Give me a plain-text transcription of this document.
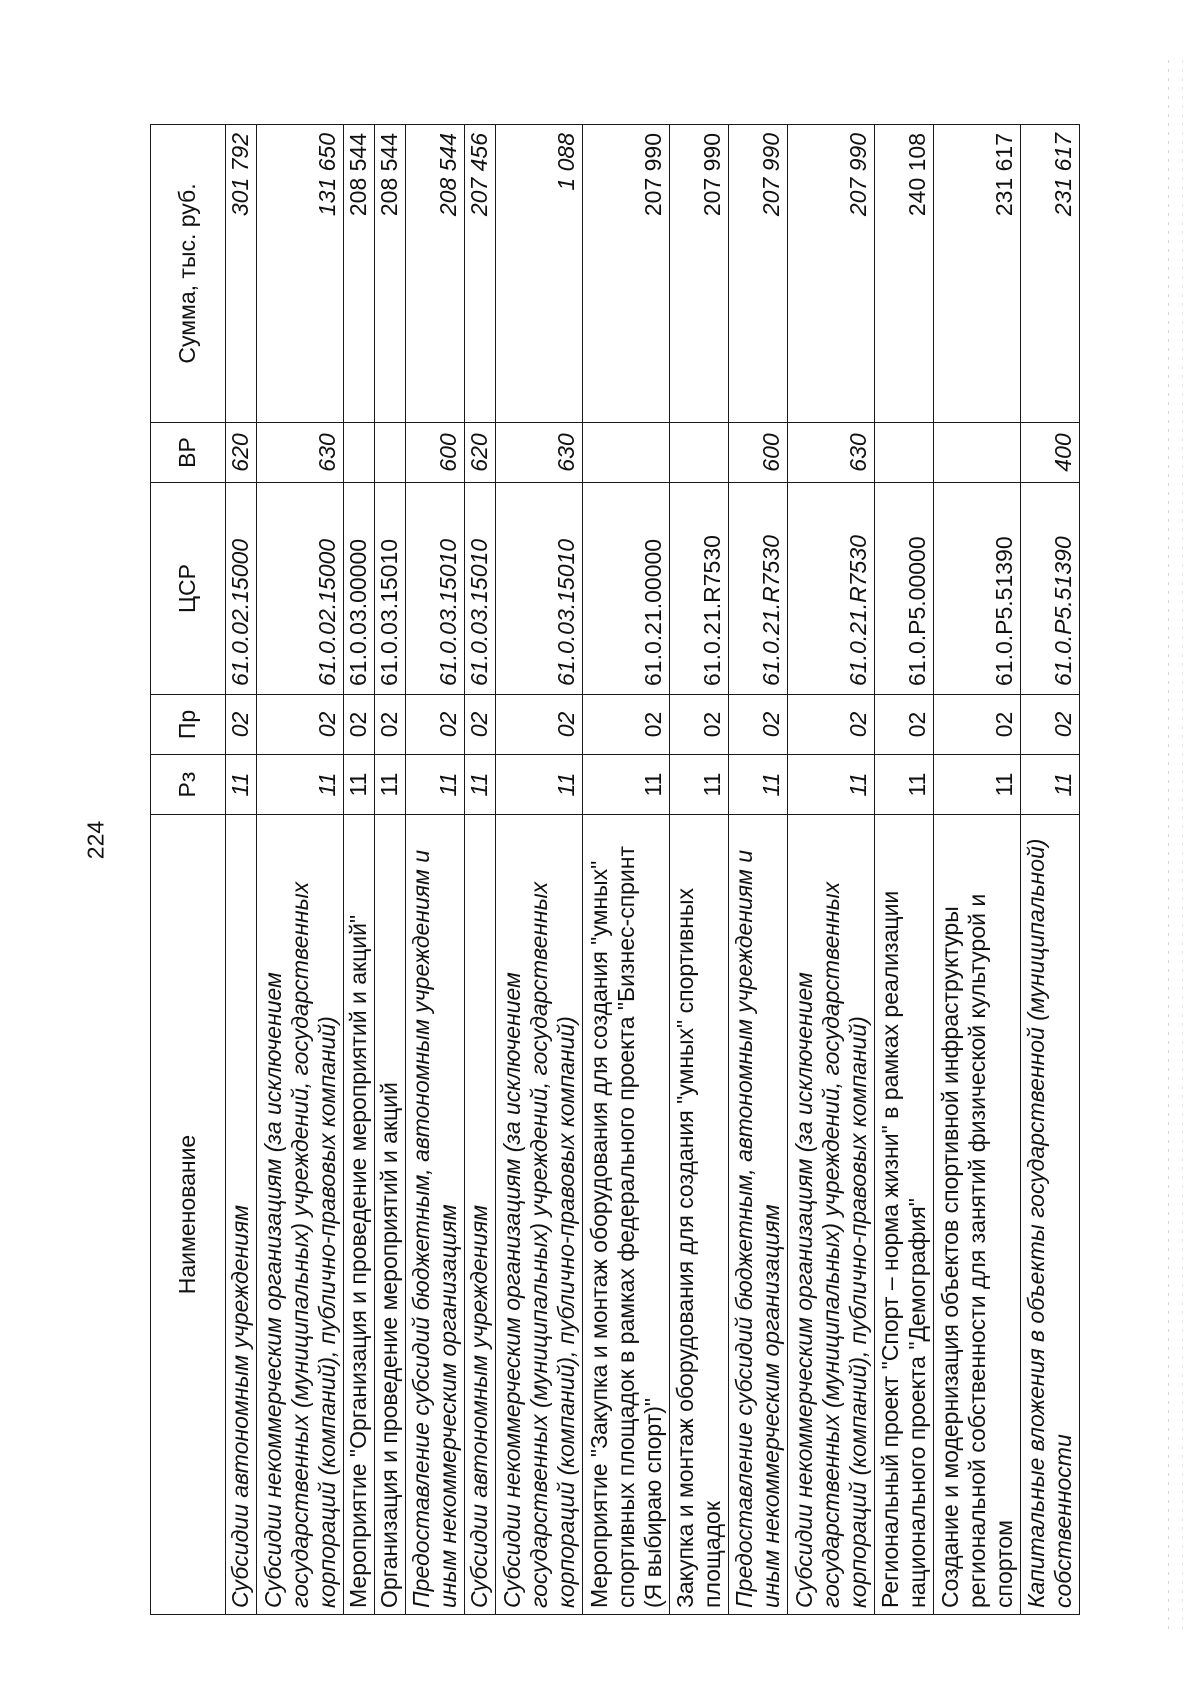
224
Наименование	Рз	Пр	ЦСР	ВР	Сумма, тыс. руб.
Субсидии автономным учреждениям	11	02	61.0.02.15000	620	301 792
Субсидии некоммерческим организациям (за исключением государственных (муниципальных) учреждений, государственных корпораций (компаний), публично-правовых компаний)	11	02	61.0.02.15000	630	131 650
Мероприятие "Организация и проведение мероприятий и акций"	11	02	61.0.03.00000		208 544
Организация и проведение мероприятий и акций	11	02	61.0.03.15010		208 544
Предоставление субсидий бюджетным, автономным учреждениям и иным некоммерческим организациям	11	02	61.0.03.15010	600	208 544
Субсидии автономным учреждениям	11	02	61.0.03.15010	620	207 456
Субсидии некоммерческим организациям (за исключением государственных (муниципальных) учреждений, государственных корпораций (компаний), публично-правовых компаний)	11	02	61.0.03.15010	630	1 088
Мероприятие "Закупка и монтаж оборудования для создания "умных" спортивных площадок в рамках федерального проекта "Бизнес-спринт (Я выбираю спорт)"	11	02	61.0.21.00000		207 990
Закупка и монтаж оборудования для создания "умных" спортивных площадок	11	02	61.0.21.R7530		207 990
Предоставление субсидий бюджетным, автономным учреждениям и иным некоммерческим организациям	11	02	61.0.21.R7530	600	207 990
Субсидии некоммерческим организациям (за исключением государственных (муниципальных) учреждений, государственных корпораций (компаний), публично-правовых компаний)	11	02	61.0.21.R7530	630	207 990
Региональный проект "Спорт – норма жизни" в рамках реализации национального проекта "Демография"	11	02	61.0.P5.00000		240 108
Создание и модернизация объектов спортивной инфраструктуры региональной собственности для занятий физической культурой и спортом	11	02	61.0.P5.51390		231 617
Капитальные вложения в объекты государственной (муниципальной) собственности	11	02	61.0.P5.51390	400	231 617
